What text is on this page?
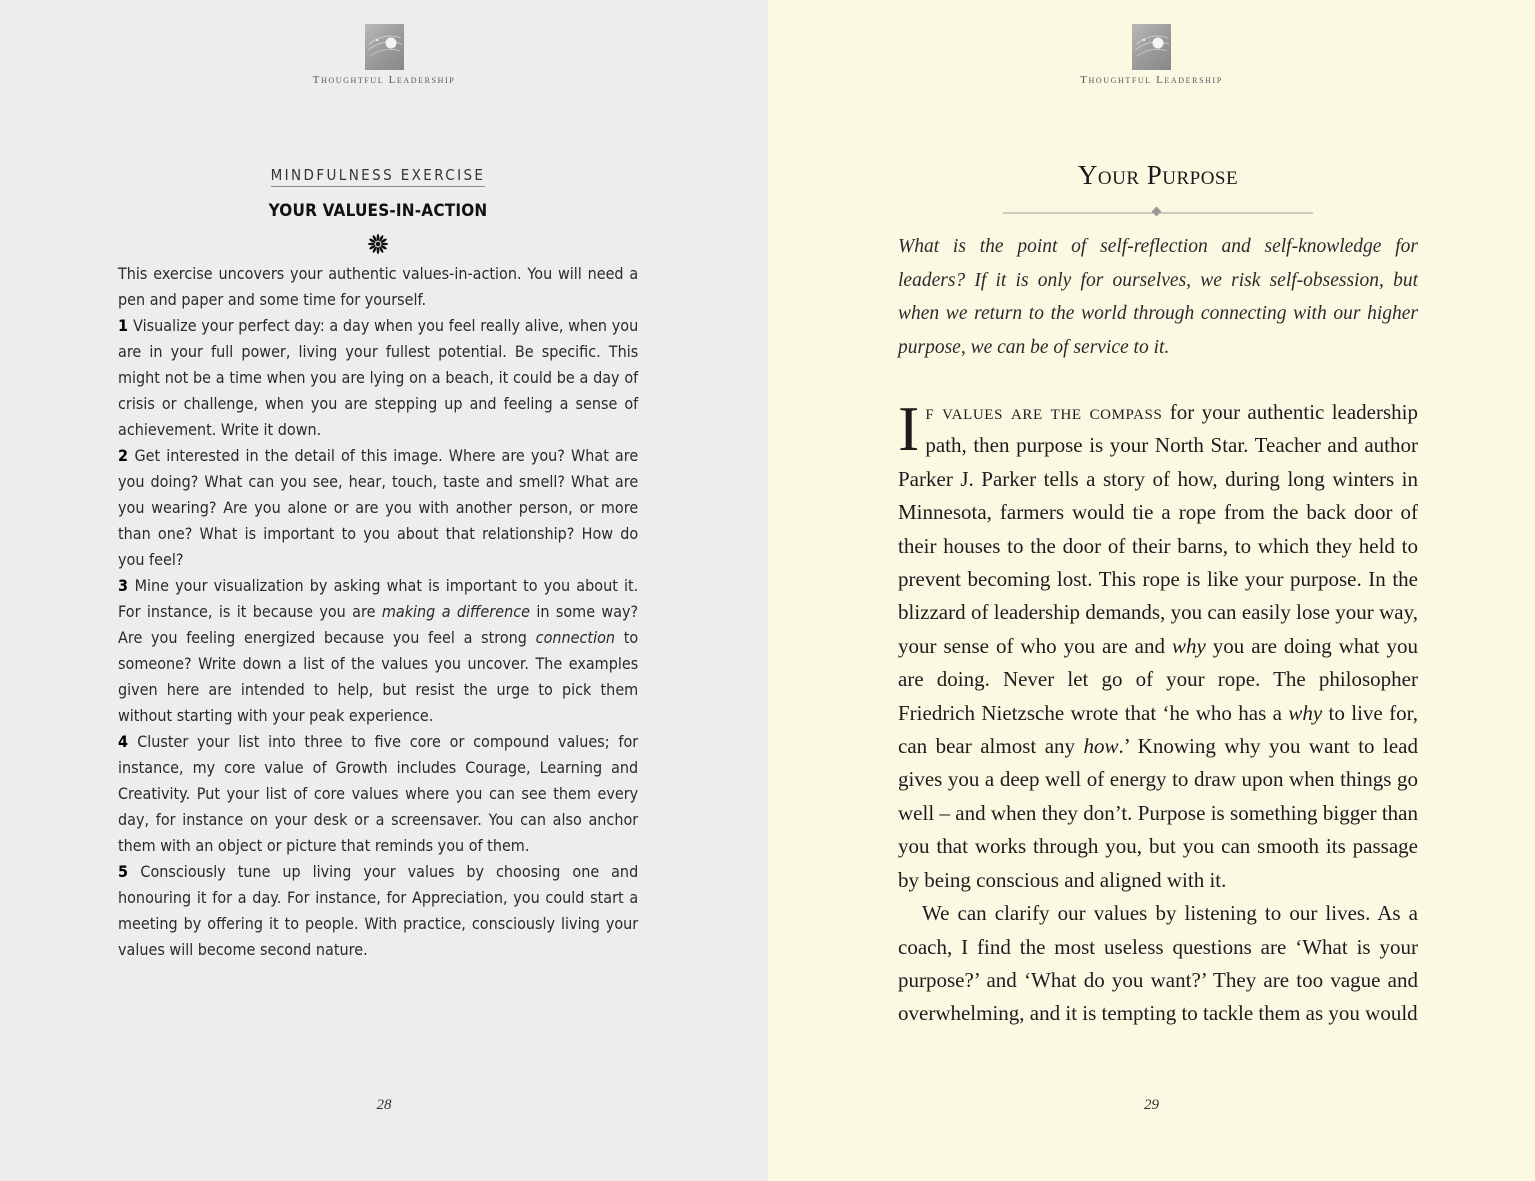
Thoughtful Leadership
MINDFULNESS EXERCISE
YOUR VALUES-IN-ACTION

This exercise uncovers your authentic values-in-action. You will need a pen and paper and some time for yourself.

1 Visualize your perfect day: a day when you feel really alive, when you are in your full power, living your fullest potential. Be specific. This might not be a time when you are lying on a beach, it could be a day of crisis or challenge, when you are stepping up and feeling a sense of achievement. Write it down.

2 Get interested in the detail of this image. Where are you? What are you doing? What can you see, hear, touch, taste and smell? What are you wearing? Are you alone or are you with another person, or more than one? What is important to you about that relationship? How do you feel?

3 Mine your visualization by asking what is important to you about it. For instance, is it because you are making a difference in some way? Are you feeling energized because you feel a strong connection to someone? Write down a list of the values you uncover. The examples given here are intended to help, but resist the urge to pick them without starting with your peak experience.

4 Cluster your list into three to five core or compound values; for instance, my core value of Growth includes Courage, Learning and Creativity. Put your list of core values where you can see them every day, for instance on your desk or a screensaver. You can also anchor them with an object or picture that reminds you of them.

5 Consciously tune up living your values by choosing one and honouring it for a day. For instance, for Appreciation, you could start a meeting by offering it to people. With practice, consciously living your values will become second nature.

28
Thoughtful Leadership
Your Purpose
What is the point of self-reflection and self-knowledge for leaders? If it is only for ourselves, we risk self-obsession, but when we return to the world through connecting with our higher purpose, we can be of service to it.

If values are the compass for your authentic leadership path, then purpose is your North Star. Teacher and author Parker J. Parker tells a story of how, during long winters in Minnesota, farmers would tie a rope from the back door of their houses to the door of their barns, to which they held to prevent becoming lost. This rope is like your purpose. In the blizzard of leadership demands, you can easily lose your way, your sense of who you are and why you are doing what you are doing. Never let go of your rope. The philosopher Friedrich Nietzsche wrote that ‘he who has a why to live for, can bear almost any how.’ Knowing why you want to lead gives you a deep well of energy to draw upon when things go well – and when they don’t. Purpose is something bigger than you that works through you, but you can smooth its passage by being conscious and aligned with it.

We can clarify our values by listening to our lives. As a coach, I find the most useless questions are ‘What is your purpose?’ and ‘What do you want?’ They are too vague and overwhelming, and it is tempting to tackle them as you would

29
